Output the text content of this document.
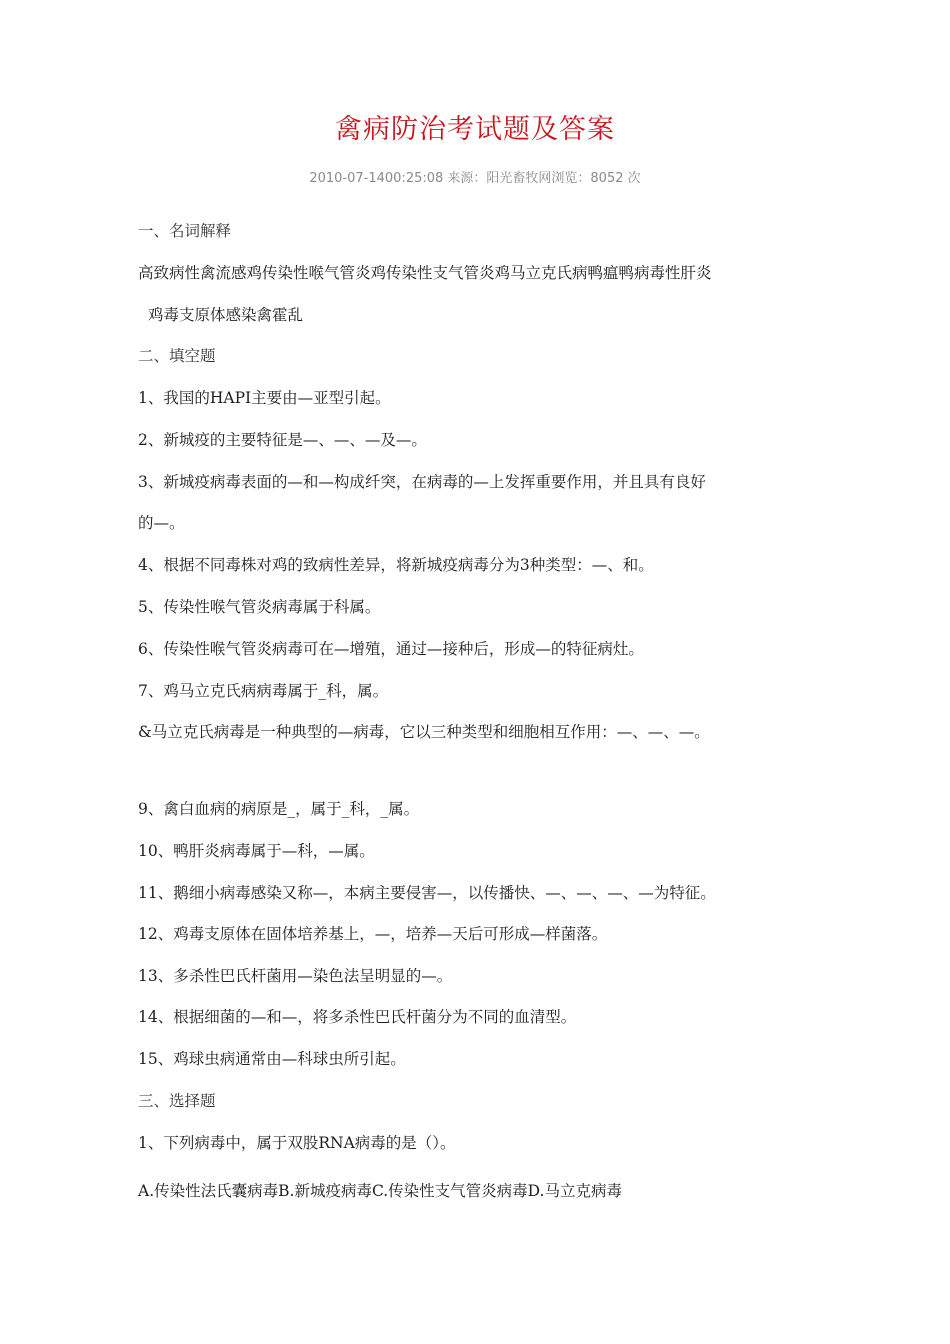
禽病防治考试题及答案
2010-07-1400:25:08 来源：阳光畜牧网浏览：8052 次
一、名词解释
高致病性禽流感鸡传染性喉气管炎鸡传染性支气管炎鸡马立克氏病鸭瘟鸭病毒性肝炎
鸡毒支原体感染禽霍乱
二、填空题
1、我国的HAPI主要由—亚型引起。
2、新城疫的主要特征是—、—、—及—。
3、新城疫病毒表面的—和—构成纤突，在病毒的—上发挥重要作用，并且具有良好
的—。
4、根据不同毒株对鸡的致病性差异，将新城疫病毒分为3种类型：—、和。
5、传染性喉气管炎病毒属于科属。
6、传染性喉气管炎病毒可在—增殖，通过—接种后，形成—的特征病灶。
7、鸡马立克氏病病毒属于_科，属。
&马立克氏病毒是一种典型的—病毒，它以三种类型和细胞相互作用：—、—、—。
9、禽白血病的病原是_，属于_科，_属。
10、鸭肝炎病毒属于—科，—属。
11、鹅细小病毒感染又称—，本病主要侵害—，以传播快、—、—、—、—为特征。
12、鸡毒支原体在固体培养基上，—，培养—天后可形成—样菌落。
13、多杀性巴氏杆菌用—染色法呈明显的—。
14、根据细菌的—和—，将多杀性巴氏杆菌分为不同的血清型。
15、鸡球虫病通常由—科球虫所引起。
三、选择题
1、下列病毒中，属于双股RNA病毒的是（）。
A.传染性法氏囊病毒B.新城疫病毒C.传染性支气管炎病毒D.马立克病毒
